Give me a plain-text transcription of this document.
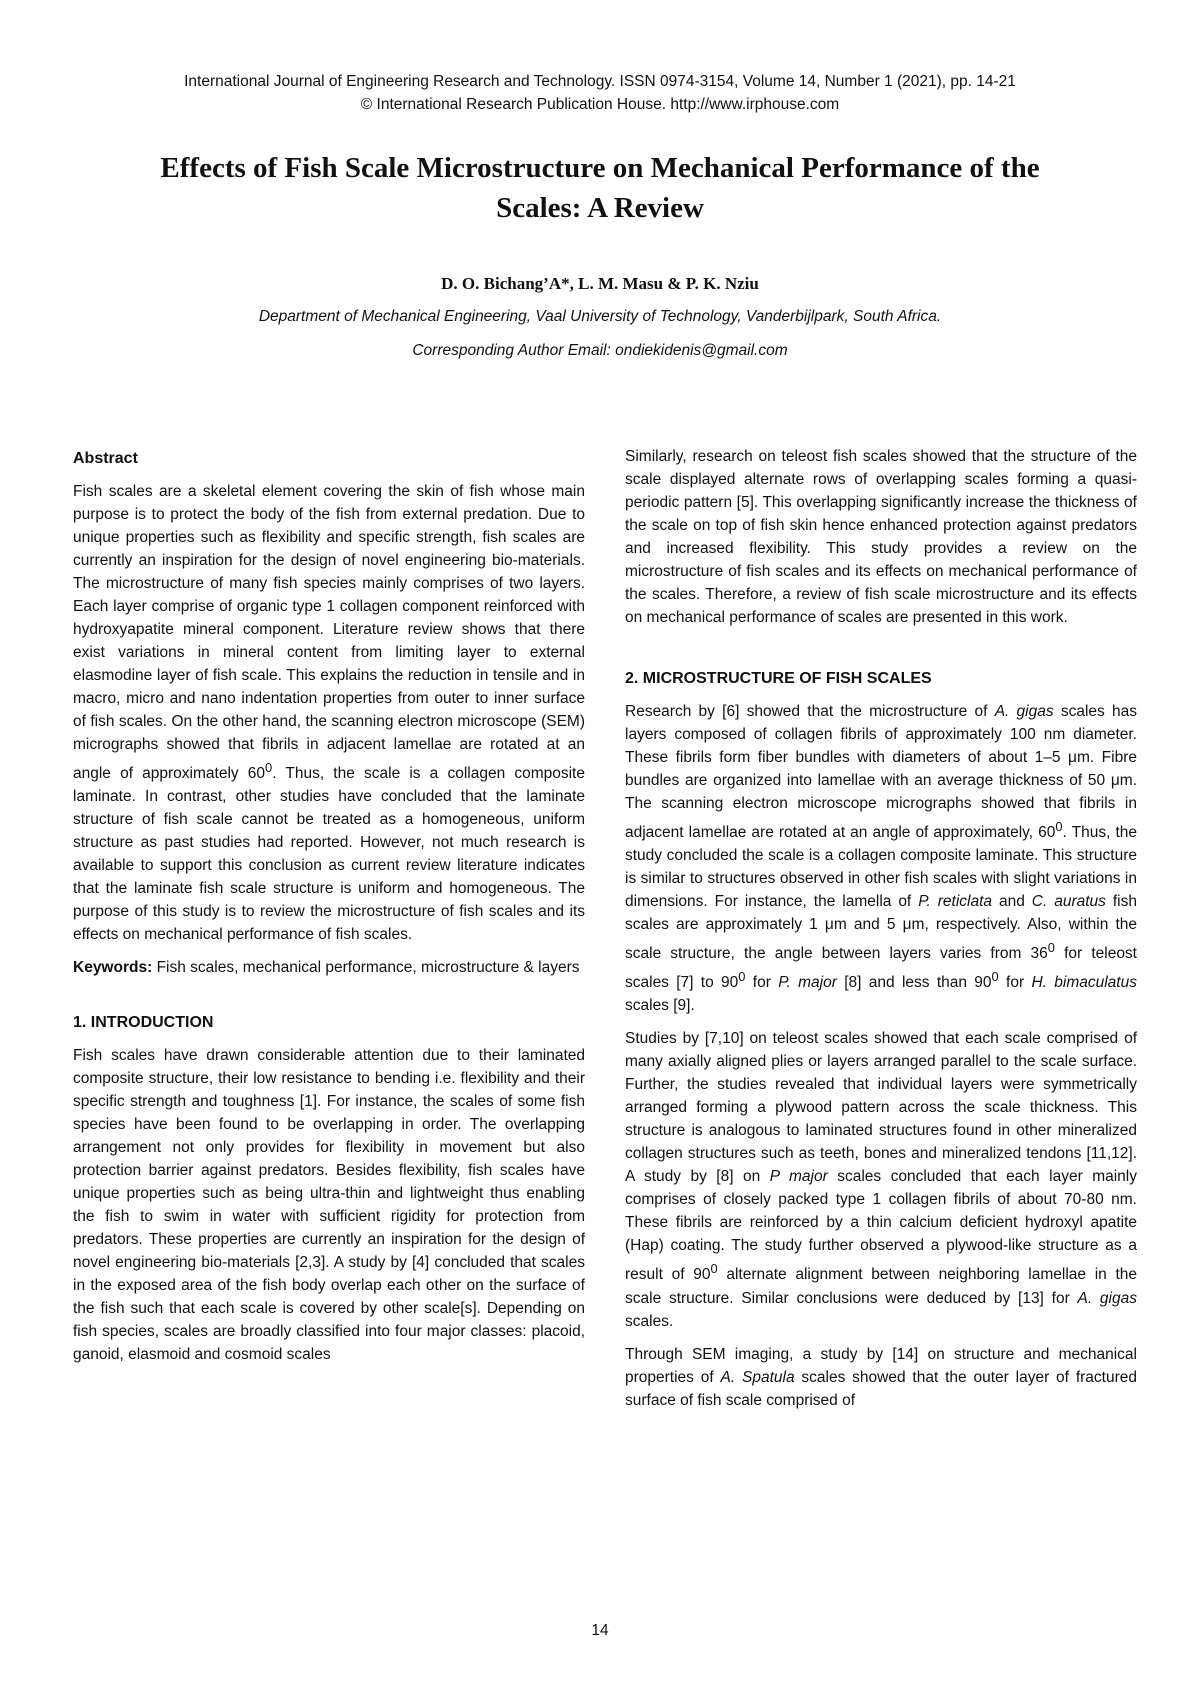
International Journal of Engineering Research and Technology. ISSN 0974-3154, Volume 14, Number 1 (2021), pp. 14-21
© International Research Publication House. http://www.irphouse.com
Effects of Fish Scale Microstructure on Mechanical Performance of the
Scales: A Review
D. O. Bichang’A*, L. M. Masu & P. K. Nziu
Department of Mechanical Engineering, Vaal University of Technology, Vanderbijlpark, South Africa.
Corresponding Author Email: ondiekidenis@gmail.com
Abstract

Fish scales are a skeletal element covering the skin of fish whose main purpose is to protect the body of the fish from external predation. Due to unique properties such as flexibility and specific strength, fish scales are currently an inspiration for the design of novel engineering bio-materials. The microstructure of many fish species mainly comprises of two layers. Each layer comprise of organic type 1 collagen component reinforced with hydroxyapatite mineral component. Literature review shows that there exist variations in mineral content from limiting layer to external elasmodine layer of fish scale. This explains the reduction in tensile and in macro, micro and nano indentation properties from outer to inner surface of fish scales. On the other hand, the scanning electron microscope (SEM) micrographs showed that fibrils in adjacent lamellae are rotated at an angle of approximately $60^0$. Thus, the scale is a collagen composite laminate. In contrast, other studies have concluded that the laminate structure of fish scale cannot be treated as a homogeneous, uniform structure as past studies had reported. However, not much research is available to support this conclusion as current review literature indicates that the laminate fish scale structure is uniform and homogeneous. The purpose of this study is to review the microstructure of fish scales and its effects on mechanical performance of fish scales.

Keywords: Fish scales, mechanical performance, microstructure & layers

1. INTRODUCTION

Fish scales have drawn considerable attention due to their laminated composite structure, their low resistance to bending i.e. flexibility and their specific strength and toughness [1]. For instance, the scales of some fish species have been found to be overlapping in order. The overlapping arrangement not only provides for flexibility in movement but also protection barrier against predators. Besides flexibility, fish scales have unique properties such as being ultra-thin and lightweight thus enabling the fish to swim in water with sufficient rigidity for protection from predators. These properties are currently an inspiration for the design of novel engineering bio-materials [2,3]. A study by [4] concluded that scales in the exposed area of the fish body overlap each other on the surface of the fish such that each scale is covered by other scale[s]. Depending on fish species, scales are broadly classified into four major classes: placoid, ganoid, elasmoid and cosmoid scales

Similarly, research on teleost fish scales showed that the structure of the scale displayed alternate rows of overlapping scales forming a quasi-periodic pattern [5]. This overlapping significantly increase the thickness of the scale on top of fish skin hence enhanced protection against predators and increased flexibility. This study provides a review on the microstructure of fish scales and its effects on mechanical performance of the scales. Therefore, a review of fish scale microstructure and its effects on mechanical performance of scales are presented in this work.

2. MICROSTRUCTURE OF FISH SCALES

Research by [6] showed that the microstructure of A. gigas scales has layers composed of collagen fibrils of approximately 100 nm diameter. These fibrils form fiber bundles with diameters of about 1–5 μm. Fibre bundles are organized into lamellae with an average thickness of 50 μm. The scanning electron microscope micrographs showed that fibrils in adjacent lamellae are rotated at an angle of approximately, $60^0$. Thus, the study concluded the scale is a collagen composite laminate. This structure is similar to structures observed in other fish scales with slight variations in dimensions. For instance, the lamella of P. reticlata and C. auratus fish scales are approximately 1 μm and 5 μm, respectively. Also, within the scale structure, the angle between layers varies from $36^0$ for teleost scales [7] to $90^0$ for P. major [8] and less than $90^0$ for H. bimaculatus scales [9].

Studies by [7,10] on teleost scales showed that each scale comprised of many axially aligned plies or layers arranged parallel to the scale surface. Further, the studies revealed that individual layers were symmetrically arranged forming a plywood pattern across the scale thickness. This structure is analogous to laminated structures found in other mineralized collagen structures such as teeth, bones and mineralized tendons [11,12]. A study by [8] on P major scales concluded that each layer mainly comprises of closely packed type 1 collagen fibrils of about 70-80 nm. These fibrils are reinforced by a thin calcium deficient hydroxyl apatite (Hap) coating. The study further observed a plywood-like structure as a result of $90^0$ alternate alignment between neighboring lamellae in the scale structure. Similar conclusions were deduced by [13] for A. gigas scales.

Through SEM imaging, a study by [14] on structure and mechanical properties of A. Spatula scales showed that the outer layer of fractured surface of fish scale comprised of

14
